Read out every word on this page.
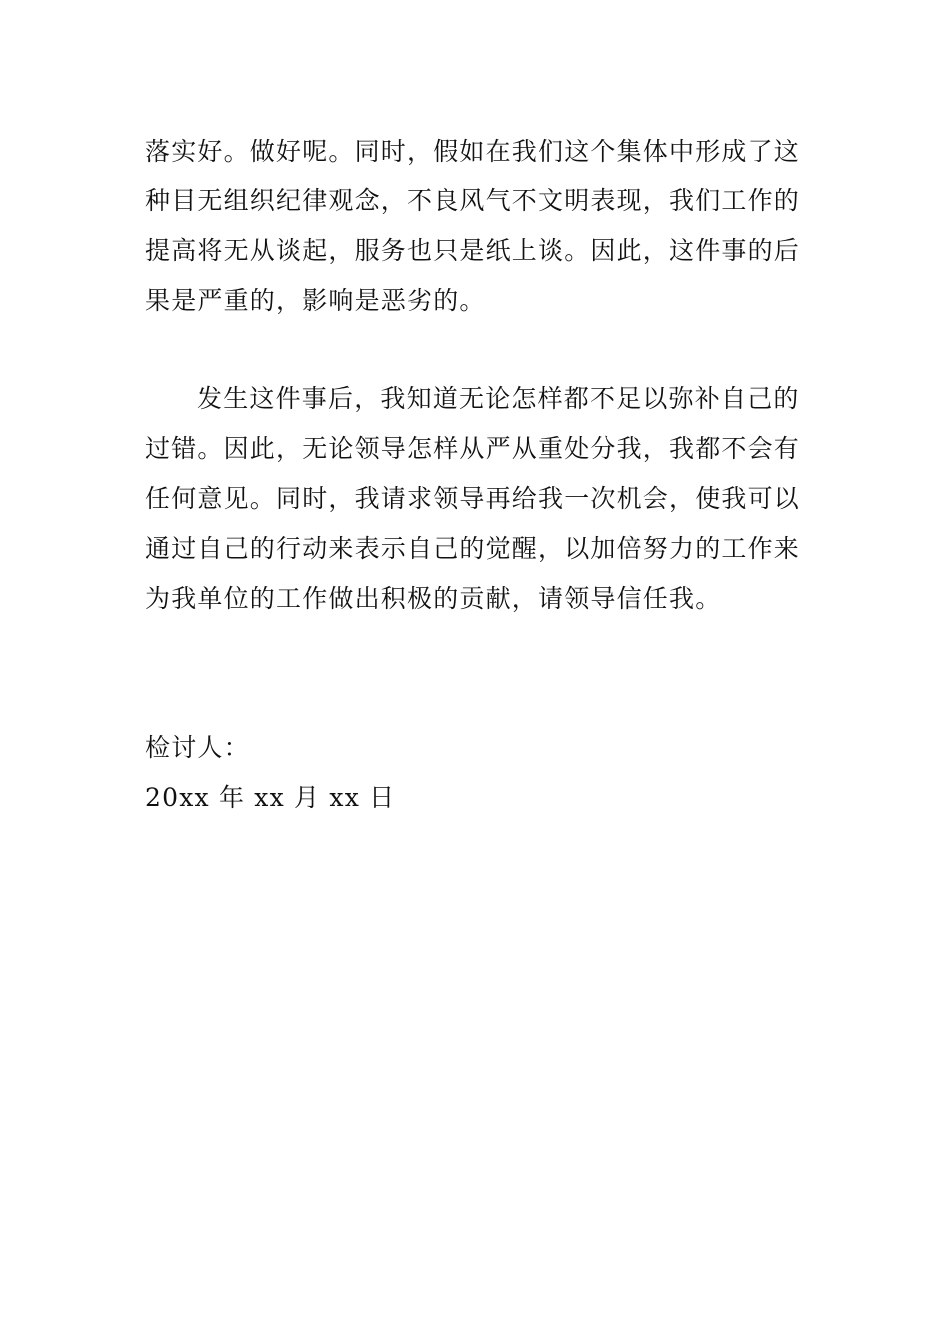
落实好。做好呢。同时，假如在我们这个集体中形成了这
种目无组织纪律观念，不良风气不文明表现，我们工作的
提高将无从谈起，服务也只是纸上谈。因此，这件事的后
果是严重的，影响是恶劣的。
发生这件事后，我知道无论怎样都不足以弥补自己的
过错。因此，无论领导怎样从严从重处分我，我都不会有
任何意见。同时，我请求领导再给我一次机会，使我可以
通过自己的行动来表示自己的觉醒，以加倍努力的工作来
为我单位的工作做出积极的贡献，请领导信任我。
检讨人：
20xx 年 xx 月 xx 日
